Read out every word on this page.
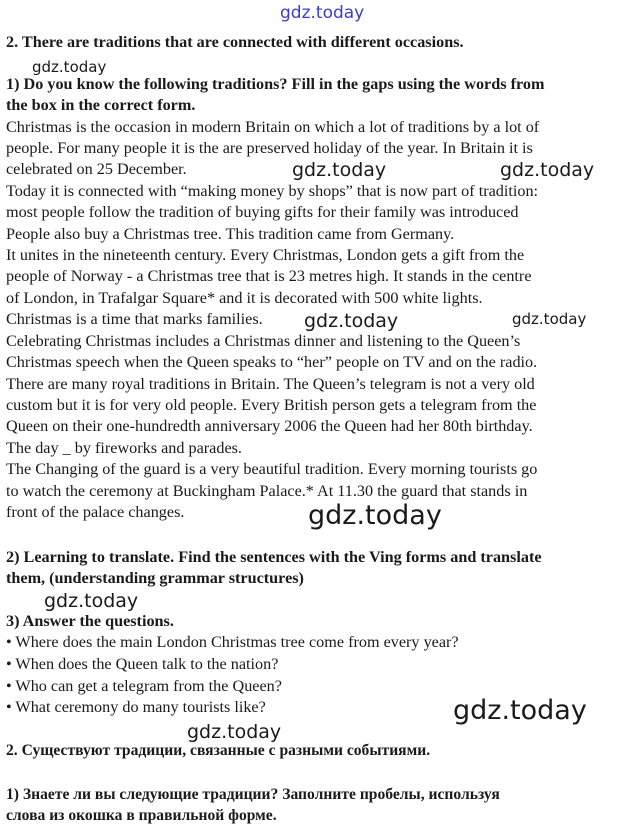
gdz.today
gdz.today
gdz.today	gdz.today
gdz.today	gdz.today
gdz.today
gdz.today
gdz.today
gdz.today
2. There are traditions that are connected with different occasions.
1) Do you know the following traditions? Fill in the gaps using the words from
the box in the correct form.
Christmas is the occasion in modern Britain on which a lot of traditions by a lot of
people. For many people it is the are preserved holiday of the year. In Britain it is
celebrated on 25 December.
Today it is connected with “making money by shops” that is now part of tradition:
most people follow the tradition of buying gifts for their family was introduced
People also buy a Christmas tree. This tradition came from Germany.
It unites in the nineteenth century. Every Christmas, London gets a gift from the
people of Norway - a Christmas tree that is 23 metres high. It stands in the centre
of London, in Trafalgar Square* and it is decorated with 500 white lights.
Christmas is a time that marks families.
Celebrating Christmas includes a Christmas dinner and listening to the Queen’s
Christmas speech when the Queen speaks to “her” people on TV and on the radio.
There are many royal traditions in Britain. The Queen’s telegram is not a very old
custom but it is for very old people. Every British person gets a telegram from the
Queen on their one-hundredth anniversary 2006 the Queen had her 80th birthday.
The day _ by fireworks and parades.
The Changing of the guard is a very beautiful tradition. Every morning tourists go
to watch the ceremony at Buckingham Palace.* At 11.30 the guard that stands in
front of the palace changes.
2) Learning to translate. Find the sentences with the Ving forms and translate
them, (understanding grammar structures)
3) Answer the questions.
• Where does the main London Christmas tree come from every year?
• When does the Queen talk to the nation?
• Who can get a telegram from the Queen?
• What ceremony do many tourists like?
2. Существуют традиции, связанные с разными событиями.
1) Знаете ли вы следующие традиции? Заполните пробелы, используя
слова из окошка в правильной форме.
